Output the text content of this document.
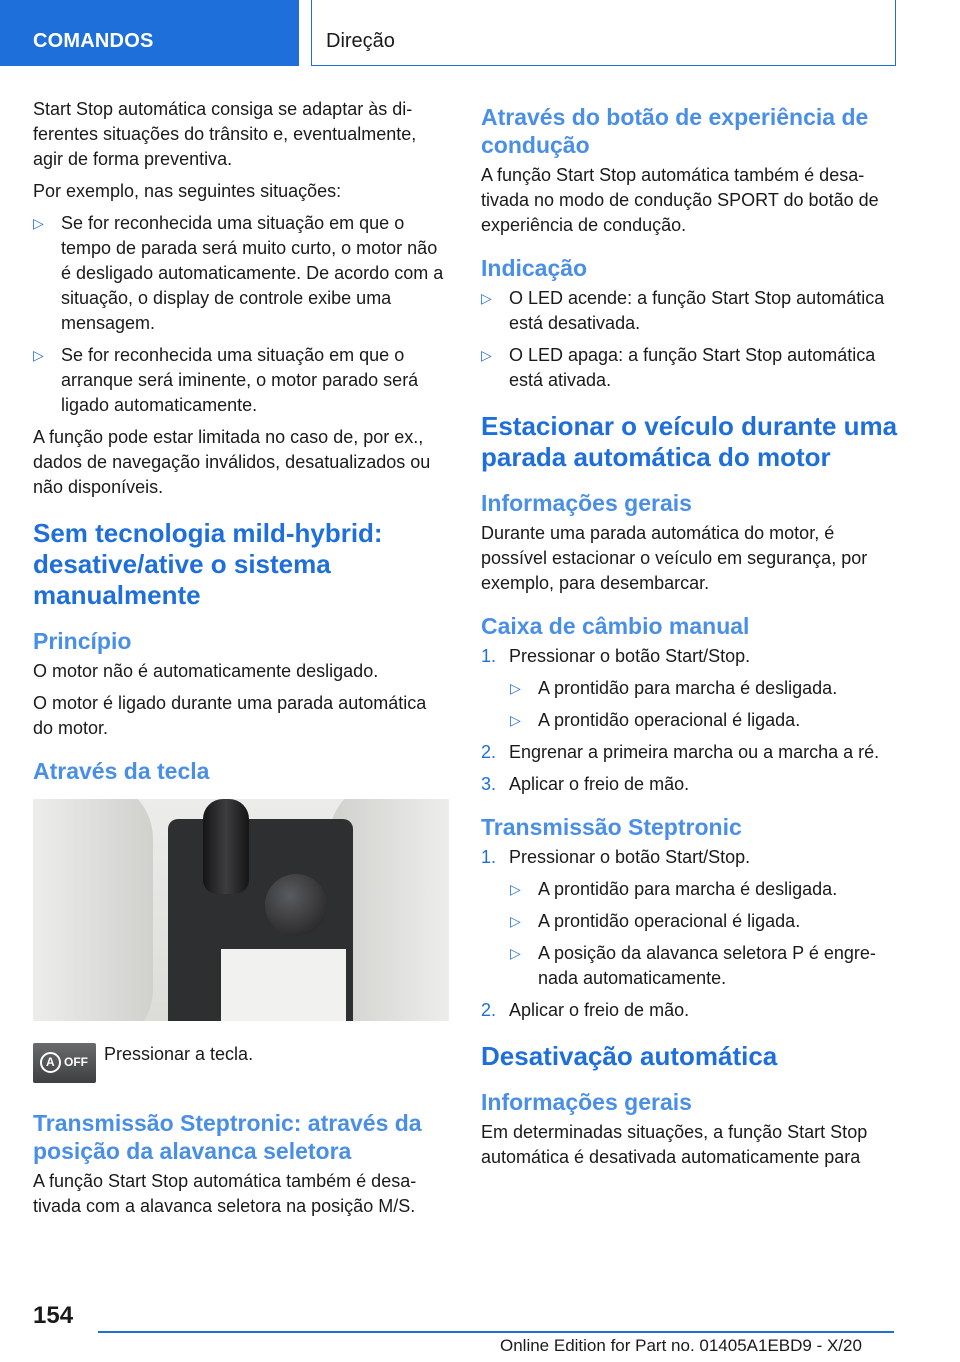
COMANDOS	Direção

Start Stop automática consiga se adaptar às diferentes situações do trânsito e, eventualmente, agir de forma preventiva.

Por exemplo, nas seguintes situações:

▷ Se for reconhecida uma situação em que o tempo de parada será muito curto, o motor não é desligado automaticamente. De acordo com a situação, o display de controle exibe uma mensagem.
▷ Se for reconhecida uma situação em que o arranque será iminente, o motor parado será ligado automaticamente.

A função pode estar limitada no caso de, por ex., dados de navegação inválidos, desatualizados ou não disponíveis.

Sem tecnologia mild-hybrid: desative/ative o sistema manualmente
Princípio

O motor não é automaticamente desligado.

O motor é ligado durante uma parada automática do motor.

Através da tecla
A
OFF Pressionar a tecla.

Transmissão Steptronic: através da posição da alavanca seletora

A função Start Stop automática também é desativada com a alavanca seletora na posição M/S.

Através do botão de experiência de condução

A função Start Stop automática também é desativada no modo de condução SPORT do botão de experiência de condução.

Indicação
▷ O LED acende: a função Start Stop automática está desativada.
▷ O LED apaga: a função Start Stop automática está ativada.
Estacionar o veículo durante uma parada automática do motor
Informações gerais

Durante uma parada automática do motor, é possível estacionar o veículo em segurança, por exemplo, para desembarcar.

Caixa de câmbio manual
1. Pressionar o botão Start/Stop.
▷ A prontidão para marcha é desligada.
▷ A prontidão operacional é ligada.
2. Engrenar a primeira marcha ou a marcha a ré.
3. Aplicar o freio de mão.
Transmissão Steptronic
1. Pressionar o botão Start/Stop.
▷ A prontidão para marcha é desligada.
▷ A prontidão operacional é ligada.
▷ A posição da alavanca seletora P é engrenada automaticamente.
2. Aplicar o freio de mão.
Desativação automática
Informações gerais

Em determinadas situações, a função Start Stop automática é desativada automaticamente para

154
Online Edition for Part no. 01405A1EBD9 - X/20
